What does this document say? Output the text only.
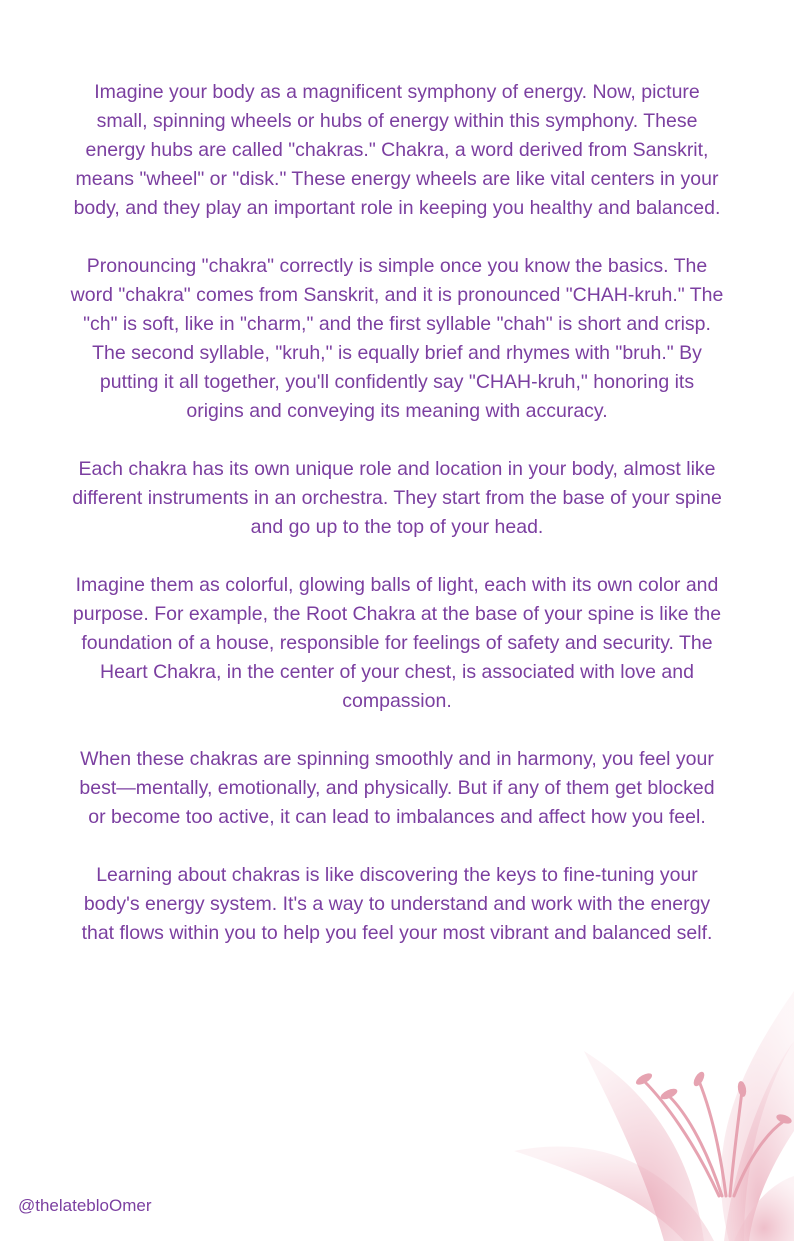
Imagine your body as a magnificent symphony of energy. Now, picture small, spinning wheels or hubs of energy within this symphony. These energy hubs are called "chakras." Chakra, a word derived from Sanskrit, means "wheel" or "disk." These energy wheels are like vital centers in your body, and they play an important role in keeping you healthy and balanced.

Pronouncing "chakra" correctly is simple once you know the basics. The word "chakra" comes from Sanskrit, and it is pronounced "CHAH-kruh." The "ch" is soft, like in "charm," and the first syllable "chah" is short and crisp. The second syllable, "kruh," is equally brief and rhymes with "bruh." By putting it all together, you'll confidently say "CHAH-kruh," honoring its origins and conveying its meaning with accuracy.

Each chakra has its own unique role and location in your body, almost like different instruments in an orchestra. They start from the base of your spine and go up to the top of your head.

Imagine them as colorful, glowing balls of light, each with its own color and purpose. For example, the Root Chakra at the base of your spine is like the foundation of a house, responsible for feelings of safety and security. The Heart Chakra, in the center of your chest, is associated with love and compassion.

When these chakras are spinning smoothly and in harmony, you feel your best—mentally, emotionally, and physically. But if any of them get blocked or become too active, it can lead to imbalances and affect how you feel.

Learning about chakras is like discovering the keys to fine-tuning your body's energy system. It's a way to understand and work with the energy that flows within you to help you feel your most vibrant and balanced self.

@thelatebloOmer
